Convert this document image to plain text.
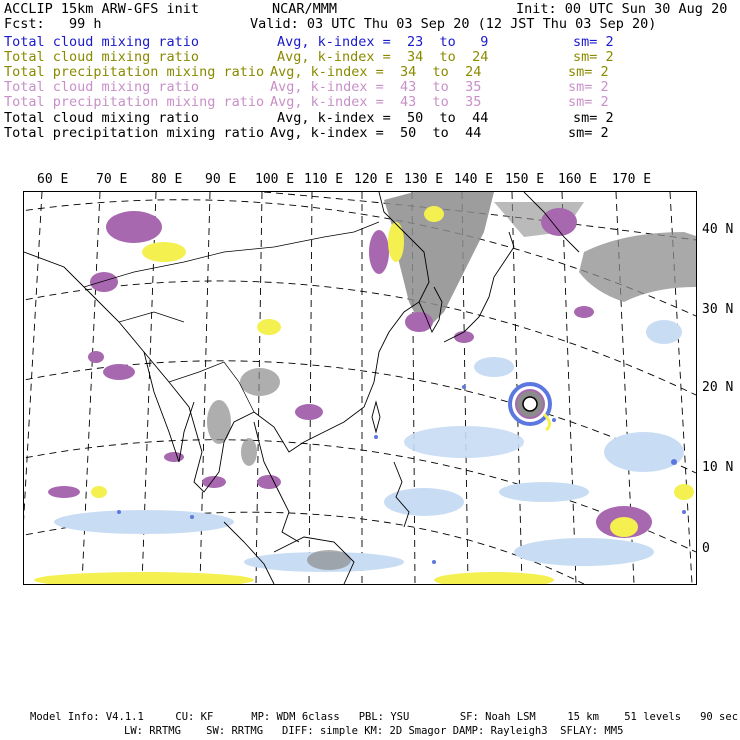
ACCLIP 15km ARW-GFS init	NCAR/MMM	Init: 00 UTC Sun 30 Aug 20
Fcst:   99 h	Valid: 03 UTC Thu 03 Sep 20 (12 JST Thu 03 Sep 20)
Total cloud mixing ratio	Avg, k-index =  23  to   9	sm= 2
Total cloud mixing ratio	Avg, k-index =  34  to  24	sm= 2
Total precipitation mixing ratio Avg, k-index =  34  to  24	sm= 2
Total cloud mixing ratio	Avg, k-index =  43  to  35	sm= 2
Total precipitation mixing ratio Avg, k-index =  43  to  35	sm= 2
Total cloud mixing ratio	Avg, k-index =  50  to  44	sm= 2
Total precipitation mixing ratio Avg, k-index =  50  to  44	sm= 2
60 E 70 E 80 E 90 E 100 E 110 E 120 E 130 E 140 E 150 E 160 E 170 E
40 N
30 N
20 N
10 N
0
Model Info: V4.1.1     CU: KF      MP: WDM 6class   PBL: YSU        SF: Noah LSM     15 km    51 levels   90 sec
LW: RRTMG    SW: RRTMG   DIFF: simple KM: 2D Smagor DAMP: Rayleigh3  SFLAY: MM5
